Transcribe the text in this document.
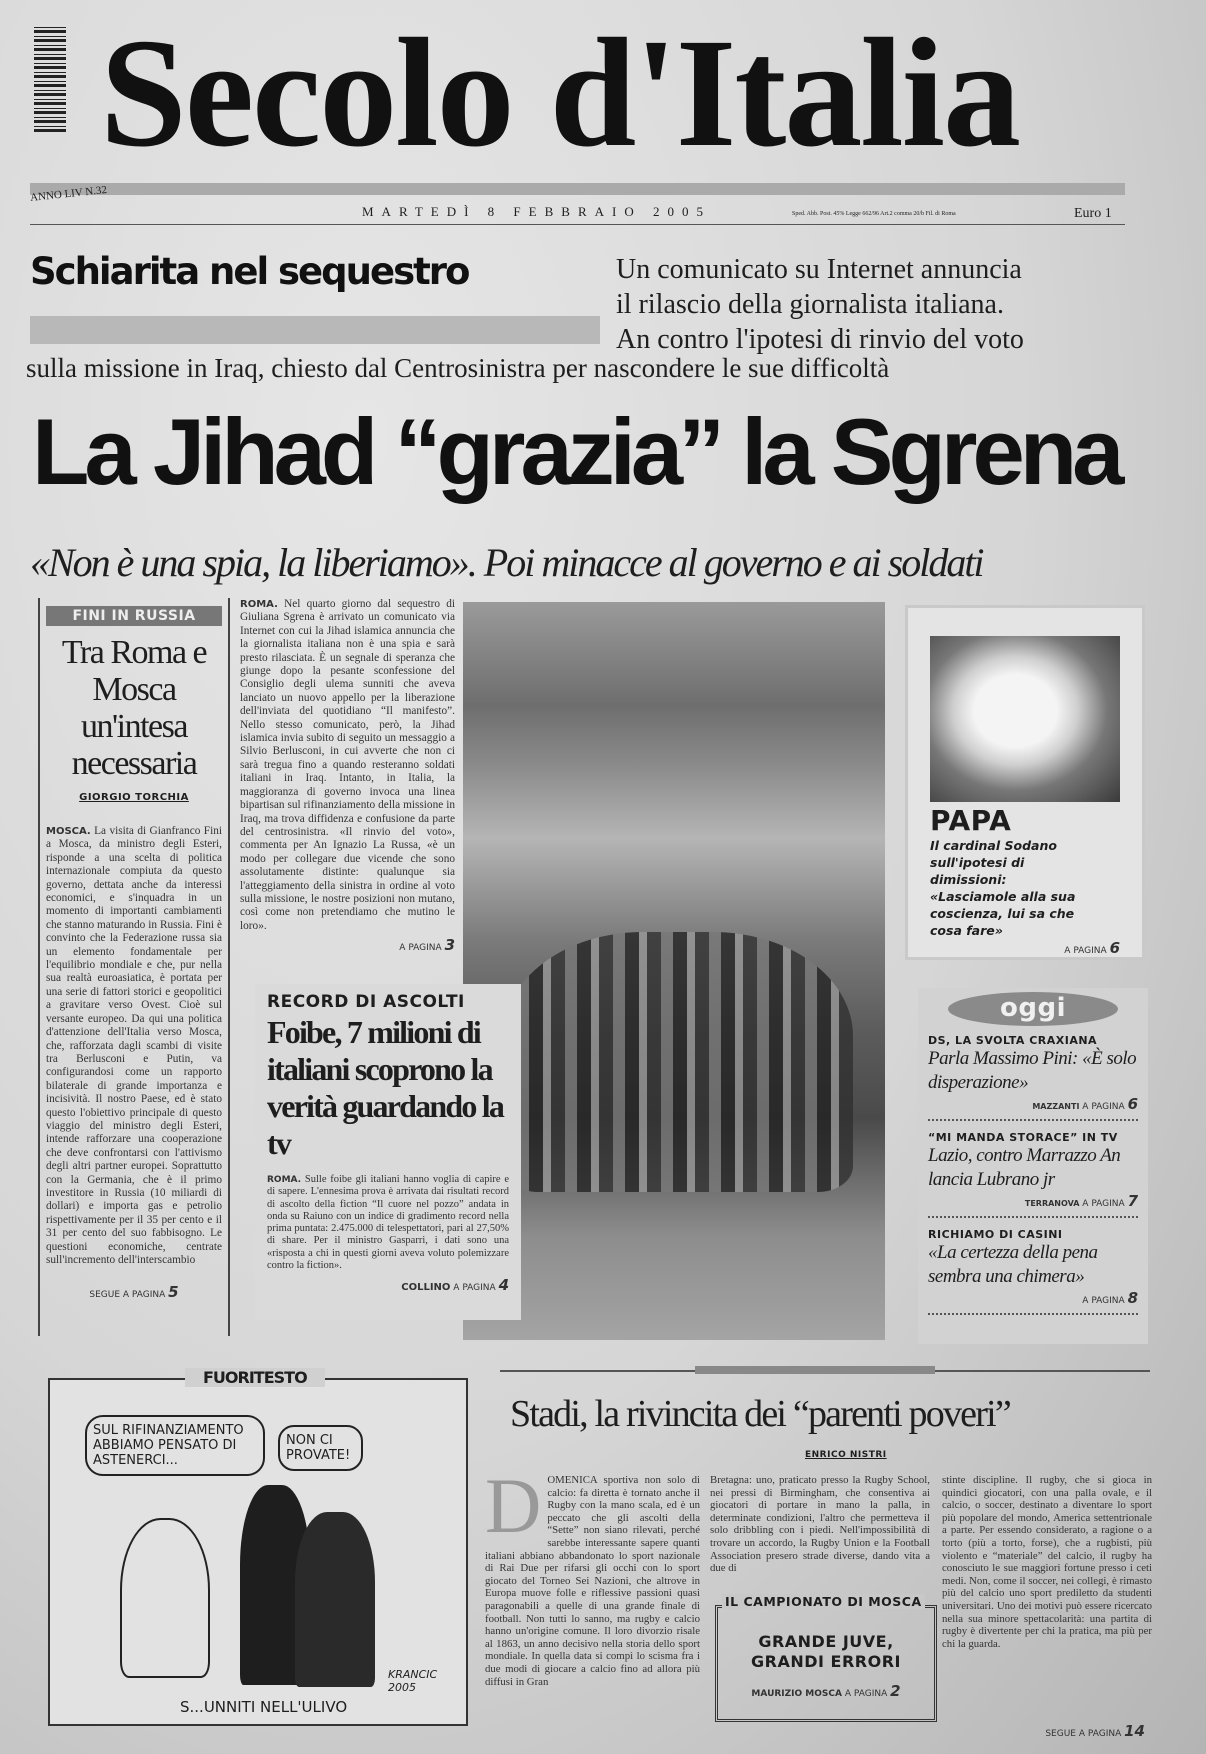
Secolo d'Italia
ANNO LIV N.32
MARTEDÌ 8 FEBBRAIO 2005	Sped. Abb. Post. 45% Legge 662/96 Art.2 comma 20/b Fil. di Roma	Euro 1
Schiarita nel sequestro	Un comunicato su Internet annuncia
il rilascio della giornalista italiana.
An contro l'ipotesi di rinvio del voto
sulla missione in Iraq, chiesto dal Centrosinistra per nascondere le sue difficoltà
La Jihad “grazia” la Sgrena
«Non è una spia, la liberiamo». Poi minacce al governo e ai soldati
FINI IN RUSSIA
Tra Roma e Mosca un'intesa necessaria
GIORGIO TORCHIA
MOSCA. La visita di Gianfranco Fini a Mosca, da ministro degli Esteri, risponde a una scelta di politica internazionale compiuta da questo governo, dettata anche da interessi economici, e s'inquadra in un momento di importanti cambiamenti che stanno maturando in Russia. Fini è convinto che la Federazione russa sia un elemento fondamentale per l'equilibrio mondiale e che, pur nella sua realtà euroasiatica, è portata per una serie di fattori storici e geopolitici a gravitare verso Ovest. Cioè sul versante europeo. Da qui una politica d'attenzione dell'Italia verso Mosca, che, rafforzata dagli scambi di visite tra Berlusconi e Putin, va configurandosi come un rapporto bilaterale di grande importanza e incisività. Il nostro Paese, ed è stato questo l'obiettivo principale di questo viaggio del ministro degli Esteri, intende rafforzare una cooperazione che deve confrontarsi con l'attivismo degli altri partner europei. Soprattutto con la Germania, che è il primo investitore in Russia (10 miliardi di dollari) e importa gas e petrolio rispettivamente per il 35 per cento e il 31 per cento del suo fabbisogno. Le questioni economiche, centrate sull'incremento dell'interscambio
SEGUE A PAGINA 5
ROMA. Nel quarto giorno dal sequestro di Giuliana Sgrena è arrivato un comunicato via Internet con cui la Jihad islamica annuncia che la giornalista italiana non è una spia e sarà presto rilasciata. È un segnale di speranza che giunge dopo la pesante sconfessione del Consiglio degli ulema sunniti che aveva lanciato un nuovo appello per la liberazione dell'inviata del quotidiano “Il manifesto”. Nello stesso comunicato, però, la Jihad islamica invia subito di seguito un messaggio a Silvio Berlusconi, in cui avverte che non ci sarà tregua fino a quando resteranno soldati italiani in Iraq. Intanto, in Italia, la maggioranza di governo invoca una linea bipartisan sul rifinanziamento della missione in Iraq, ma trova diffidenza e confusione da parte del centrosinistra. «Il rinvio del voto», commenta per An Ignazio La Russa, «è un modo per collegare due vicende che sono assolutamente distinte: qualunque sia l'atteggiamento della sinistra in ordine al voto sulla missione, le nostre posizioni non mutano, così come non pretendiamo che mutino le loro».
A PAGINA 3
RECORD DI ASCOLTI
Foibe, 7 milioni di italiani scoprono la verità guardando la tv
ROMA. Sulle foibe gli italiani hanno voglia di capire e di sapere. L'ennesima prova è arrivata dai risultati record di ascolto della fiction “Il cuore nel pozzo” andata in onda su Raiuno con un indice di gradimento record nella prima puntata: 2.475.000 di telespettatori, pari al 27,50% di share. Per il ministro Gasparri, i dati sono una «risposta a chi in questi giorni aveva voluto polemizzare contro la fiction».
COLLINO A PAGINA 4
PAPA
Il cardinal Sodano sull'ipotesi di dimissioni: «Lasciamole alla sua coscienza, lui sa che cosa fare»
A PAGINA 6
oggi
DS, LA SVOLTA CRAXIANA
Parla Massimo Pini: «È solo disperazione»
MAZZANTI A PAGINA 6
“MI MANDA STORACE” IN TV
Lazio, contro Marrazzo An lancia Lubrano jr
TERRANOVA A PAGINA 7
RICHIAMO DI CASINI
«La certezza della pena sembra una chimera»
A PAGINA 8
FUORITESTO
SUL RIFINANZIAMENTO ABBIAMO PENSATO DI ASTENERCI...
NON CI PROVATE!
KRANCIC 2005
S...UNNITI NELL'ULIVO
Stadi, la rivincita dei “parenti poveri”
ENRICO NISTRI
DOMENICA sportiva non solo di calcio: fa diretta è tornato anche il Rugby con la mano scala, ed è un peccato che gli ascolti della “Sette” non siano rilevati, perché sarebbe interessante sapere quanti italiani abbiano abbandonato lo sport nazionale di Rai Due per rifarsi gli occhi con lo sport giocato del Torneo Sei Nazioni, che altrove in Europa muove folle e riflessive passioni quasi paragonabili a quelle di una grande finale di football. Non tutti lo sanno, ma rugby e calcio hanno un'origine comune. Il loro divorzio risale al 1863, un anno decisivo nella storia dello sport mondiale. In quella data si compì lo scisma fra i due modi di giocare a calcio fino ad allora più diffusi in Gran
Bretagna: uno, praticato presso la Rugby School, nei pressi di Birmingham, che consentiva ai giocatori di portare in mano la palla, in determinate condizioni, l'altro che permetteva il solo dribbling con i piedi. Nell'impossibilità di trovare un accordo, la Rugby Union e la Football Association presero strade diverse, dando vita a due di
stinte discipline. Il rugby, che si gioca in quindici giocatori, con una palla ovale, e il calcio, o soccer, destinato a diventare lo sport più popolare del mondo, America settentrionale a parte. Per essendo considerato, a ragione o a torto (più a torto, forse), che a rugbisti, più violento e “materiale” del calcio, il rugby ha conosciuto le sue maggiori fortune presso i ceti medi. Non, come il soccer, nei collegi, è rimasto più del calcio uno sport prediletto da studenti universitari. Uno dei motivi può essere ricercato nella sua minore spettacolarità: una partita di rugby è divertente per chi la pratica, ma più per chi la guarda.
SEGUE A PAGINA 14
IL CAMPIONATO DI MOSCA
GRANDE JUVE, GRANDI ERRORI
MAURIZIO MOSCA A PAGINA 2
